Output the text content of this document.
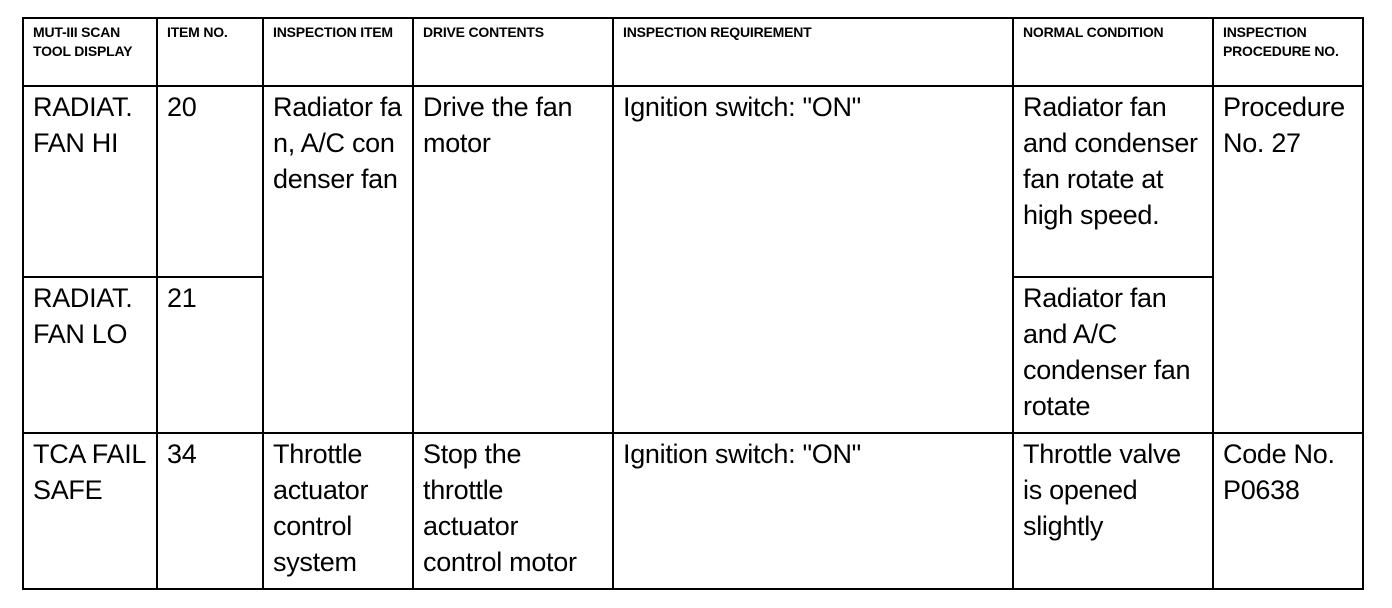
MUT-III SCAN TOOL DISPLAY	ITEM NO.	INSPECTION ITEM	DRIVE CONTENTS	INSPECTION REQUIREMENT	NORMAL CONDITION	INSPECTION PROCEDURE NO.

RADIAT. FAN HI	20	Radiator fan, A/C condenser fan	Drive the fan motor	Ignition switch: "ON"	Radiator fan and condenser fan rotate at high speed.	Procedure No. 27

RADIAT. FAN LO	21				Radiator fan and A/C condenser fan rotate	

TCA FAIL SAFE	34	Throttle actuator control system	Stop the throttle actuator control motor	Ignition switch: "ON"	Throttle valve is opened slightly	Code No. P0638
